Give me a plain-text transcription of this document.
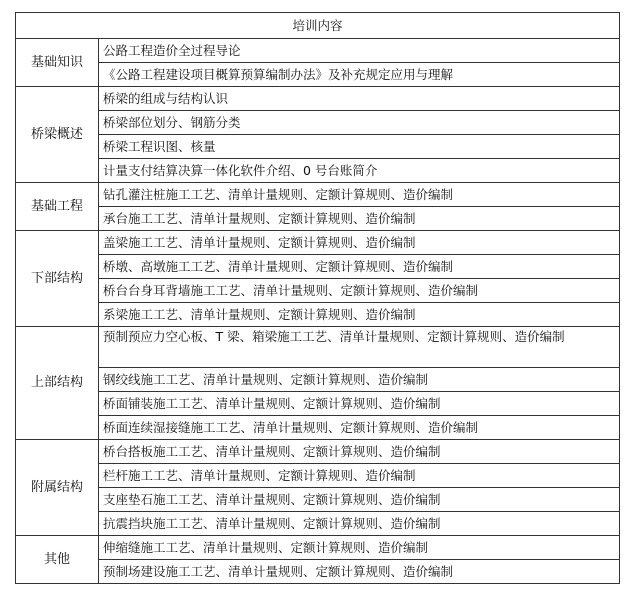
培训内容	
基础知识	公路工程造价全过程导论
	《公路工程建设项目概算预算编制办法》及补充规定应用与理解
桥梁概述	桥梁的组成与结构认识
	桥梁部位划分、钢筋分类
	桥梁工程识图、核量
	计量支付结算决算一体化软件介绍、0 号台账简介
基础工程	钻孔灌注桩施工工艺、清单计量规则、定额计算规则、造价编制
	承台施工工艺、清单计量规则、定额计算规则、造价编制
下部结构	盖梁施工工艺、清单计量规则、定额计算规则、造价编制
	桥墩、高墩施工工艺、清单计量规则、定额计算规则、造价编制
	桥台台身耳背墙施工工艺、清单计量规则、定额计算规则、造价编制
	系梁施工工艺、清单计量规则、定额计算规则、造价编制
上部结构	预制预应力空心板、T 梁、箱梁施工工艺、清单计量规则、定额计算规则、造价编制
	钢绞线施工工艺、清单计量规则、定额计算规则、造价编制
	桥面铺装施工工艺、清单计量规则、定额计算规则、造价编制
	桥面连续湿接缝施工工艺、清单计量规则、定额计算规则、造价编制
附属结构	桥台搭板施工工艺、清单计量规则、定额计算规则、造价编制
	栏杆施工工艺、清单计量规则、定额计算规则、造价编制
	支座垫石施工工艺、清单计量规则、定额计算规则、造价编制
	抗震挡块施工工艺、清单计量规则、定额计算规则、造价编制
其他	伸缩缝施工工艺、清单计量规则、定额计算规则、造价编制
	预制场建设施工工艺、清单计量规则、定额计算规则、造价编制
